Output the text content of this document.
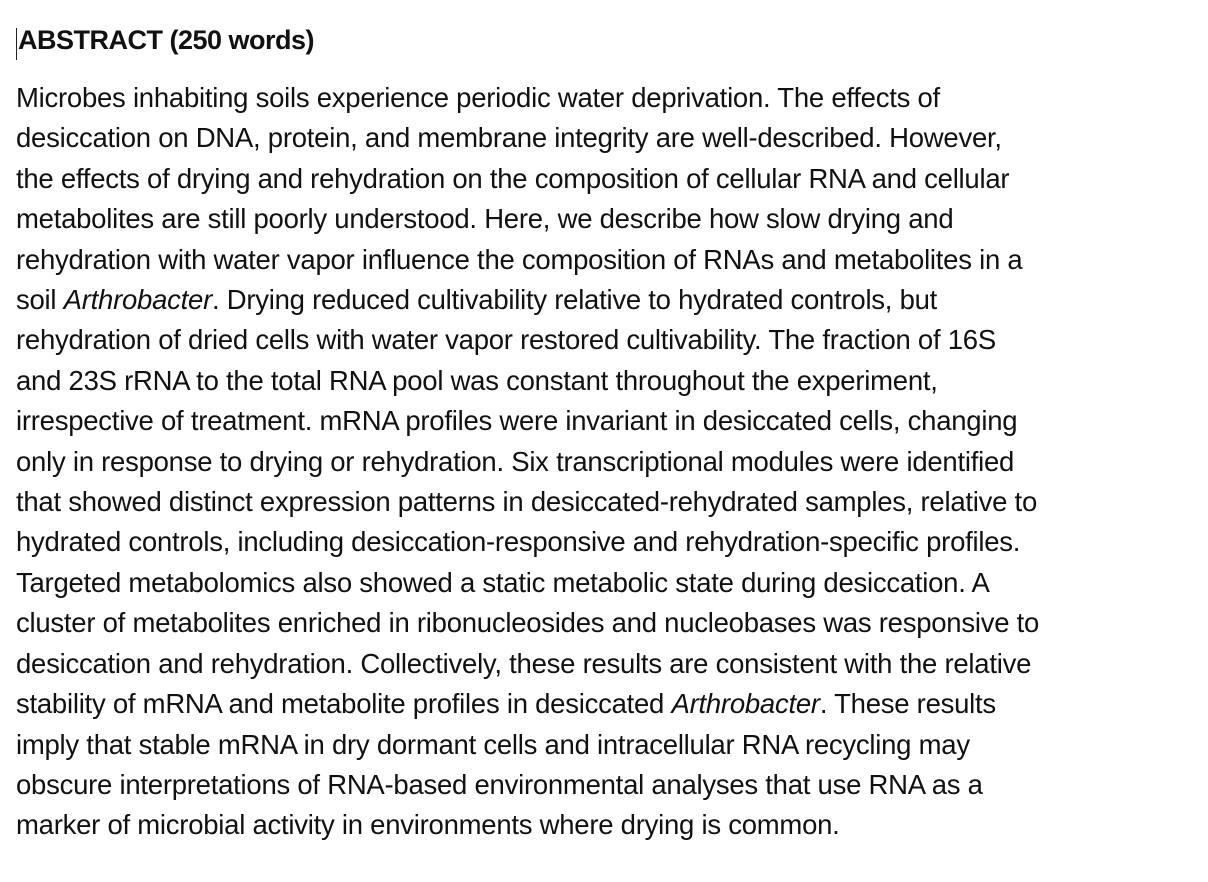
ABSTRACT (250 words)

Microbes inhabiting soils experience periodic water deprivation. The effects of
desiccation on DNA, protein, and membrane integrity are well-described. However,
the effects of drying and rehydration on the composition of cellular RNA and cellular
metabolites are still poorly understood. Here, we describe how slow drying and
rehydration with water vapor influence the composition of RNAs and metabolites in a
soil Arthrobacter. Drying reduced cultivability relative to hydrated controls, but
rehydration of dried cells with water vapor restored cultivability. The fraction of 16S
and 23S rRNA to the total RNA pool was constant throughout the experiment,
irrespective of treatment. mRNA profiles were invariant in desiccated cells, changing
only in response to drying or rehydration. Six transcriptional modules were identified
that showed distinct expression patterns in desiccated-rehydrated samples, relative to
hydrated controls, including desiccation-responsive and rehydration-specific profiles.
Targeted metabolomics also showed a static metabolic state during desiccation. A
cluster of metabolites enriched in ribonucleosides and nucleobases was responsive to
desiccation and rehydration. Collectively, these results are consistent with the relative
stability of mRNA and metabolite profiles in desiccated Arthrobacter. These results
imply that stable mRNA in dry dormant cells and intracellular RNA recycling may
obscure interpretations of RNA-based environmental analyses that use RNA as a
marker of microbial activity in environments where drying is common.
